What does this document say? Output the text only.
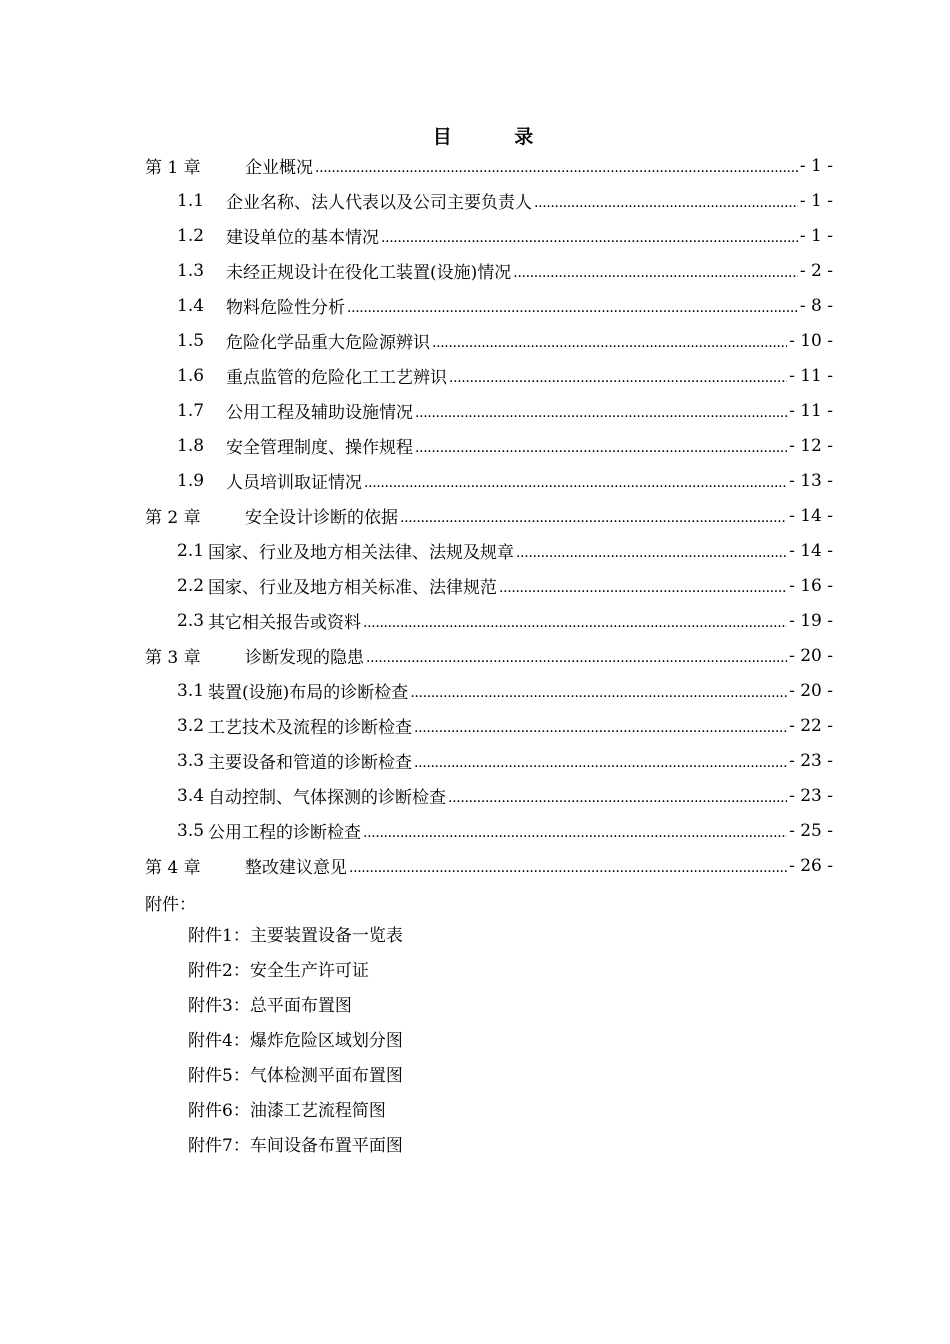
目 录
第 1 章	企业概况 . . .	- 1 -
1.1	企业名称、法人代表以及公司主要负责人 . . .	- 1 -
1.2	建设单位的基本情况 . . .	- 1 -
1.3	未经正规设计在役化工装置(设施)情况 . . .	- 2 -
1.4	物料危险性分析 . . .	- 8 -
1.5	危险化学品重大危险源辨识 . . .	- 10 -
1.6	重点监管的危险化工工艺辨识 . . .	- 11 -
1.7	公用工程及辅助设施情况 . . .	- 11 -
1.8	安全管理制度、操作规程 . . .	- 12 -
1.9	人员培训取证情况 . . .	- 13 -
第 2 章	安全设计诊断的依据 . . .	- 14 -
2.1 国家、行业及地方相关法律、法规及规章 . . .	- 14 -
2.2 国家、行业及地方相关标准、法律规范 . . .	- 16 -
2.3 其它相关报告或资料 . . .	- 19 -
第 3 章	诊断发现的隐患 . . .	- 20 -
3.1 装置(设施)布局的诊断检查 . . .	- 20 -
3.2 工艺技术及流程的诊断检查 . . .	- 22 -
3.3 主要设备和管道的诊断检查 . . .	- 23 -
3.4 自动控制、气体探测的诊断检查 . . .	- 23 -
3.5 公用工程的诊断检查 . . .	- 25 -
第 4 章	整改建议意见 . . .	- 26 -
附件：
附件1：主要装置设备一览表
附件2：安全生产许可证
附件3：总平面布置图
附件4：爆炸危险区域划分图
附件5：气体检测平面布置图
附件6：油漆工艺流程简图
附件7：车间设备布置平面图
